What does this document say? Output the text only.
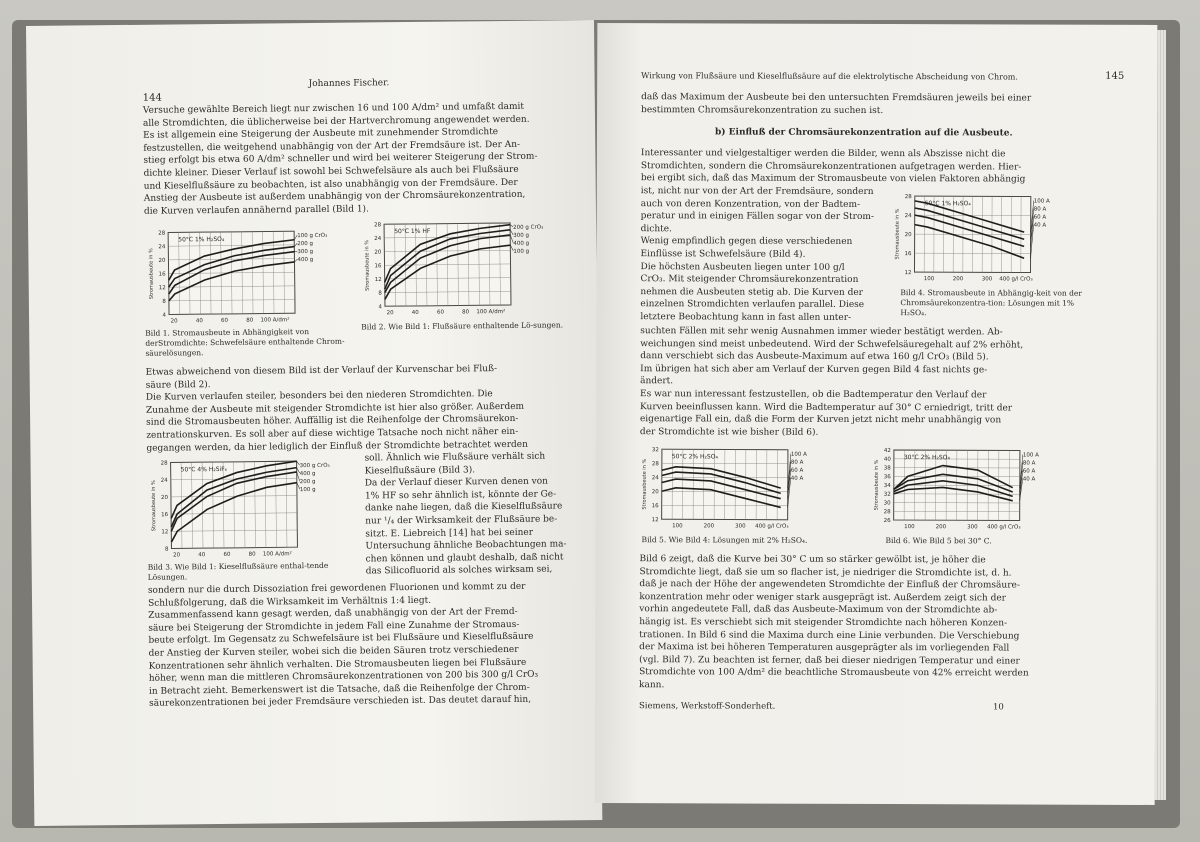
144
Johannes Fischer.
Versuche gewählte Bereich liegt nur zwischen 16 und 100 A/dm² und umfaßt damit
alle Stromdichten, die üblicherweise bei der Hartverchromung angewendet werden.
Es ist allgemein eine Steigerung der Ausbeute mit zunehmender Stromdichte
festzustellen, die weitgehend unabhängig von der Art der Fremdsäure ist. Der An-
stieg erfolgt bis etwa 60 A/dm² schneller und wird bei weiterer Steigerung der Strom-
dichte kleiner. Dieser Verlauf ist sowohl bei Schwefelsäure als auch bei Flußsäure
und Kieselflußsäure zu beobachten, ist also unabhängig von der Fremdsäure. Der
Anstieg der Ausbeute ist außerdem unabhängig von der Chromsäurekonzentration,
die Kurven verlaufen annähernd parallel (Bild 1).
4
8
12
16
20
24
28
20	40	60	80 100 A/dm²
50°C 1% H₂SO₄
Stromausbeute in %
100 g CrO₃
200 g
300 g
400 g
Bild 1. Stromausbeute in Abhängigkeit von derStromdichte: Schwefelsäure enthaltende Chrom-säurelösungen.
4
8
12
16
20
24
28
20	40	60	80 100 A/dm²
50°C 1% HF
Stromausbeute in %
200 g CrO₃
300 g
400 g
100 g
Bild 2. Wie Bild 1: Flußsäure enthaltende Lö-sungen.
Etwas abweichend von diesem Bild ist der Verlauf der Kurvenschar bei Fluß-
säure (Bild 2).
Die Kurven verlaufen steiler, besonders bei den niederen Stromdichten. Die
Zunahme der Ausbeute mit steigender Stromdichte ist hier also größer. Außerdem
sind die Stromausbeuten höher. Auffällig ist die Reihenfolge der Chromsäurekon-
zentrationskurven. Es soll aber auf diese wichtige Tatsache noch nicht näher ein-
gegangen werden, da hier lediglich der Einfluß der Stromdichte betrachtet werden
8
12
16
20
24
28
20	40	60	80 100 A/dm²
50°C 4% H₂SiF₆
Stromausbeute in %
300 g CrO₃
400 g
200 g
100 g
Bild 3. Wie Bild 1: Kieselflußsäure enthal-tende Lösungen.
soll. Ähnlich wie Flußsäure verhält sich
Kieselflußsäure (Bild 3).
Da der Verlauf dieser Kurven denen von
1% HF so sehr ähnlich ist, könnte der Ge-
danke nahe liegen, daß die Kieselflußsäure
nur ¹/₄ der Wirksamkeit der Flußsäure be-
sitzt. E. Liebreich [14] hat bei seiner
Untersuchung ähnliche Beobachtungen ma-
chen können und glaubt deshalb, daß nicht
das Silicofluorid als solches wirksam sei,
sondern nur die durch Dissoziation frei gewordenen Fluorionen und kommt zu der
Schlußfolgerung, daß die Wirksamkeit im Verhältnis 1:4 liegt.
Zusammenfassend kann gesagt werden, daß unabhängig von der Art der Fremd-
säure bei Steigerung der Stromdichte in jedem Fall eine Zunahme der Stromaus-
beute erfolgt. Im Gegensatz zu Schwefelsäure ist bei Flußsäure und Kieselflußsäure
der Anstieg der Kurven steiler, wobei sich die beiden Säuren trotz verschiedener
Konzentrationen sehr ähnlich verhalten. Die Stromausbeuten liegen bei Flußsäure
höher, wenn man die mittleren Chromsäurekonzentrationen von 200 bis 300 g/l CrO₃
in Betracht zieht. Bemerkenswert ist die Tatsache, daß die Reihenfolge der Chrom-
säurekonzentrationen bei jeder Fremdsäure verschieden ist. Das deutet darauf hin,
Wirkung von Flußsäure und Kieselflußsäure auf die elektrolytische Abscheidung von Chrom.	145
daß das Maximum der Ausbeute bei den untersuchten Fremdsäuren jeweils bei einer
bestimmten Chromsäurekonzentration zu suchen ist.
b) Einfluß der Chromsäurekonzentration auf die Ausbeute.
Interessanter und vielgestaltiger werden die Bilder, wenn als Abszisse nicht die
Stromdichten, sondern die Chromsäurekonzentrationen aufgetragen werden. Hier-
bei ergibt sich, daß das Maximum der Stromausbeute von vielen Faktoren abhängig
ist, nicht nur von der Art der Fremdsäure, sondern
auch von deren Konzentration, von der Badtem-
peratur und in einigen Fällen sogar von der Strom-
dichte.
Wenig empfindlich gegen diese verschiedenen
Einflüsse ist Schwefelsäure (Bild 4).
Die höchsten Ausbeuten liegen unter 100 g/l
CrO₃. Mit steigender Chromsäurekonzentration
nehmen die Ausbeuten stetig ab. Die Kurven der
einzelnen Stromdichten verlaufen parallel. Diese
letztere Beobachtung kann in fast allen unter-
12
16
20
24
28
100	200	300 400 g/l CrO₃
50°C 1% H₂SO₄
Stromausbeute in %
100 A
80 A
60 A
40 A
Bild 4. Stromausbeute in Abhängig-keit von der Chromsäurekonzentra-tion: Lösungen mit 1% H₂SO₄.
suchten Fällen mit sehr wenig Ausnahmen immer wieder bestätigt werden. Ab-
weichungen sind meist unbedeutend. Wird der Schwefelsäuregehalt auf 2% erhöht,
dann verschiebt sich das Ausbeute-Maximum auf etwa 160 g/l CrO₃ (Bild 5).
Im übrigen hat sich aber am Verlauf der Kurven gegen Bild 4 fast nichts ge-
ändert.
Es war nun interessant festzustellen, ob die Badtemperatur den Verlauf der
Kurven beeinflussen kann. Wird die Badtemperatur auf 30° C erniedrigt, tritt der
eigenartige Fall ein, daß die Form der Kurven jetzt nicht mehr unabhängig von
der Stromdichte ist wie bisher (Bild 6).
12
16
20
24
28
32
100	200	300 400 g/l CrO₃
50°C 2% H₂SO₄
Stromausbeute in %
100 A
80 A
60 A
40 A
Bild 5. Wie Bild 4: Lösungen mit 2% H₂SO₄.
26
28
30
32
34
36
38
40
42
100	200	300 400 g/l CrO₃
30°C 2% H₂SO₄
Stromausbeute in %
100 A
80 A
60 A
40 A
Bild 6. Wie Bild 5 bei 30° C.
Bild 6 zeigt, daß die Kurve bei 30° C um so stärker gewölbt ist, je höher die
Stromdichte liegt, daß sie um so flacher ist, je niedriger die Stromdichte ist, d. h.
daß je nach der Höhe der angewendeten Stromdichte der Einfluß der Chromsäure-
konzentration mehr oder weniger stark ausgeprägt ist. Außerdem zeigt sich der
vorhin angedeutete Fall, daß das Ausbeute-Maximum von der Stromdichte ab-
hängig ist. Es verschiebt sich mit steigender Stromdichte nach höheren Konzen-
trationen. In Bild 6 sind die Maxima durch eine Linie verbunden. Die Verschiebung
der Maxima ist bei höheren Temperaturen ausgeprägter als im vorliegenden Fall
(vgl. Bild 7). Zu beachten ist ferner, daß bei dieser niedrigen Temperatur und einer
Stromdichte von 100 A/dm² die beachtliche Stromausbeute von 42% erreicht werden
kann.
Siemens, Werkstoff-Sonderheft.	10
